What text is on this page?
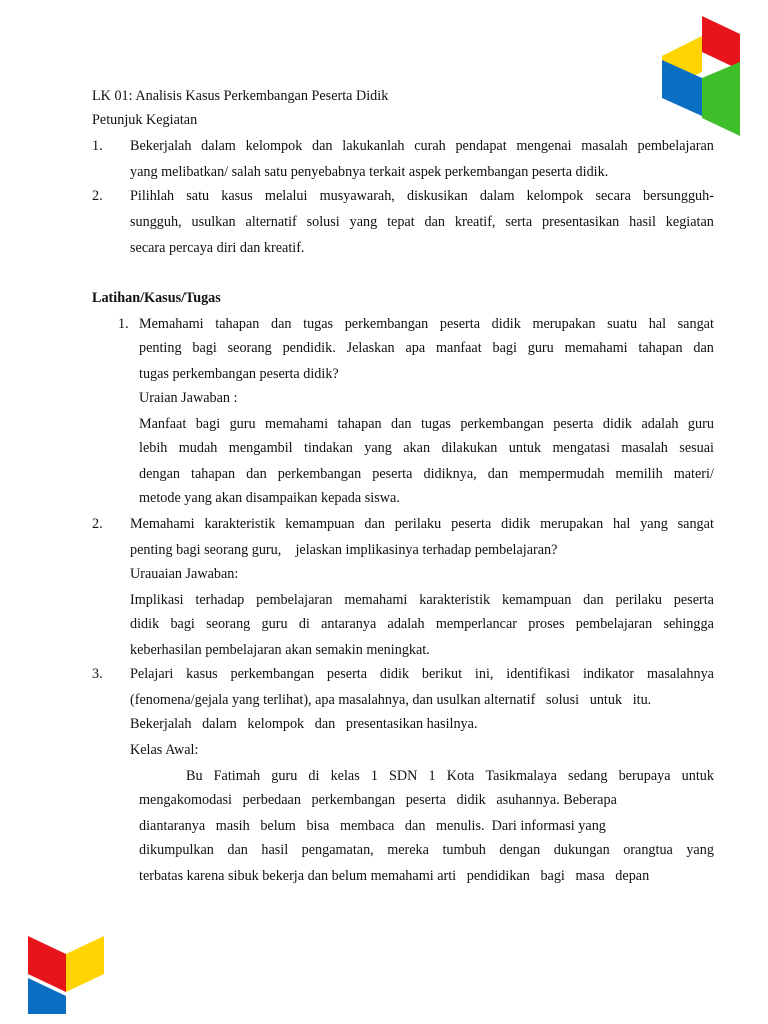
LK 01: Analisis Kasus Perkembangan Peserta Didik
Petunjuk Kegiatan
1. Bekerjalah dalam kelompok dan lakukanlah curah pendapat mengenai masalah pembelajaran
yang melibatkan/ salah satu penyebabnya terkait aspek perkembangan peserta didik.
2. Pilihlah satu kasus melalui musyawarah, diskusikan dalam kelompok secara bersungguh-
sungguh, usulkan alternatif solusi yang tepat dan kreatif, serta presentasikan hasil kegiatan
secara percaya diri dan kreatif.
Latihan/Kasus/Tugas
1. Memahami tahapan dan tugas perkembangan peserta didik merupakan suatu hal sangat
penting bagi seorang pendidik. Jelaskan apa manfaat bagi guru memahami tahapan dan
tugas perkembangan peserta didik?
Uraian Jawaban :
Manfaat bagi guru memahami tahapan dan tugas perkembangan peserta didik adalah guru
lebih mudah mengambil tindakan yang akan dilakukan untuk mengatasi masalah sesuai
dengan tahapan dan perkembangan peserta didiknya, dan mempermudah memilih materi/
metode yang akan disampaikan kepada siswa.
2.	Memahami karakteristik kemampuan dan perilaku peserta didik merupakan hal yang sangat
penting bagi seorang guru,    jelaskan implikasinya terhadap pembelajaran?
Urauaian Jawaban:
Implikasi terhadap pembelajaran memahami karakteristik kemampuan dan perilaku peserta
didik bagi seorang guru di antaranya adalah memperlancar proses pembelajaran sehingga
keberhasilan pembelajaran akan semakin meningkat.
3.	Pelajari kasus perkembangan peserta didik berikut ini, identifikasi indikator masalahnya
(fenomena/gejala yang terlihat), apa masalahnya, dan usulkan alternatif   solusi   untuk   itu.
Bekerjalah   dalam   kelompok   dan   presentasikan hasilnya.
Kelas Awal:
Bu Fatimah guru di kelas 1 SDN 1 Kota Tasikmalaya sedang berupaya untuk
mengakomodasi   perbedaan   perkembangan   peserta   didik   asuhannya. Beberapa
diantaranya   masih   belum   bisa   membaca   dan   menulis.  Dari informasi yang
dikumpulkan dan hasil pengamatan, mereka tumbuh dengan dukungan orangtua yang
terbatas karena sibuk bekerja dan belum memahami arti   pendidikan   bagi   masa   depan
